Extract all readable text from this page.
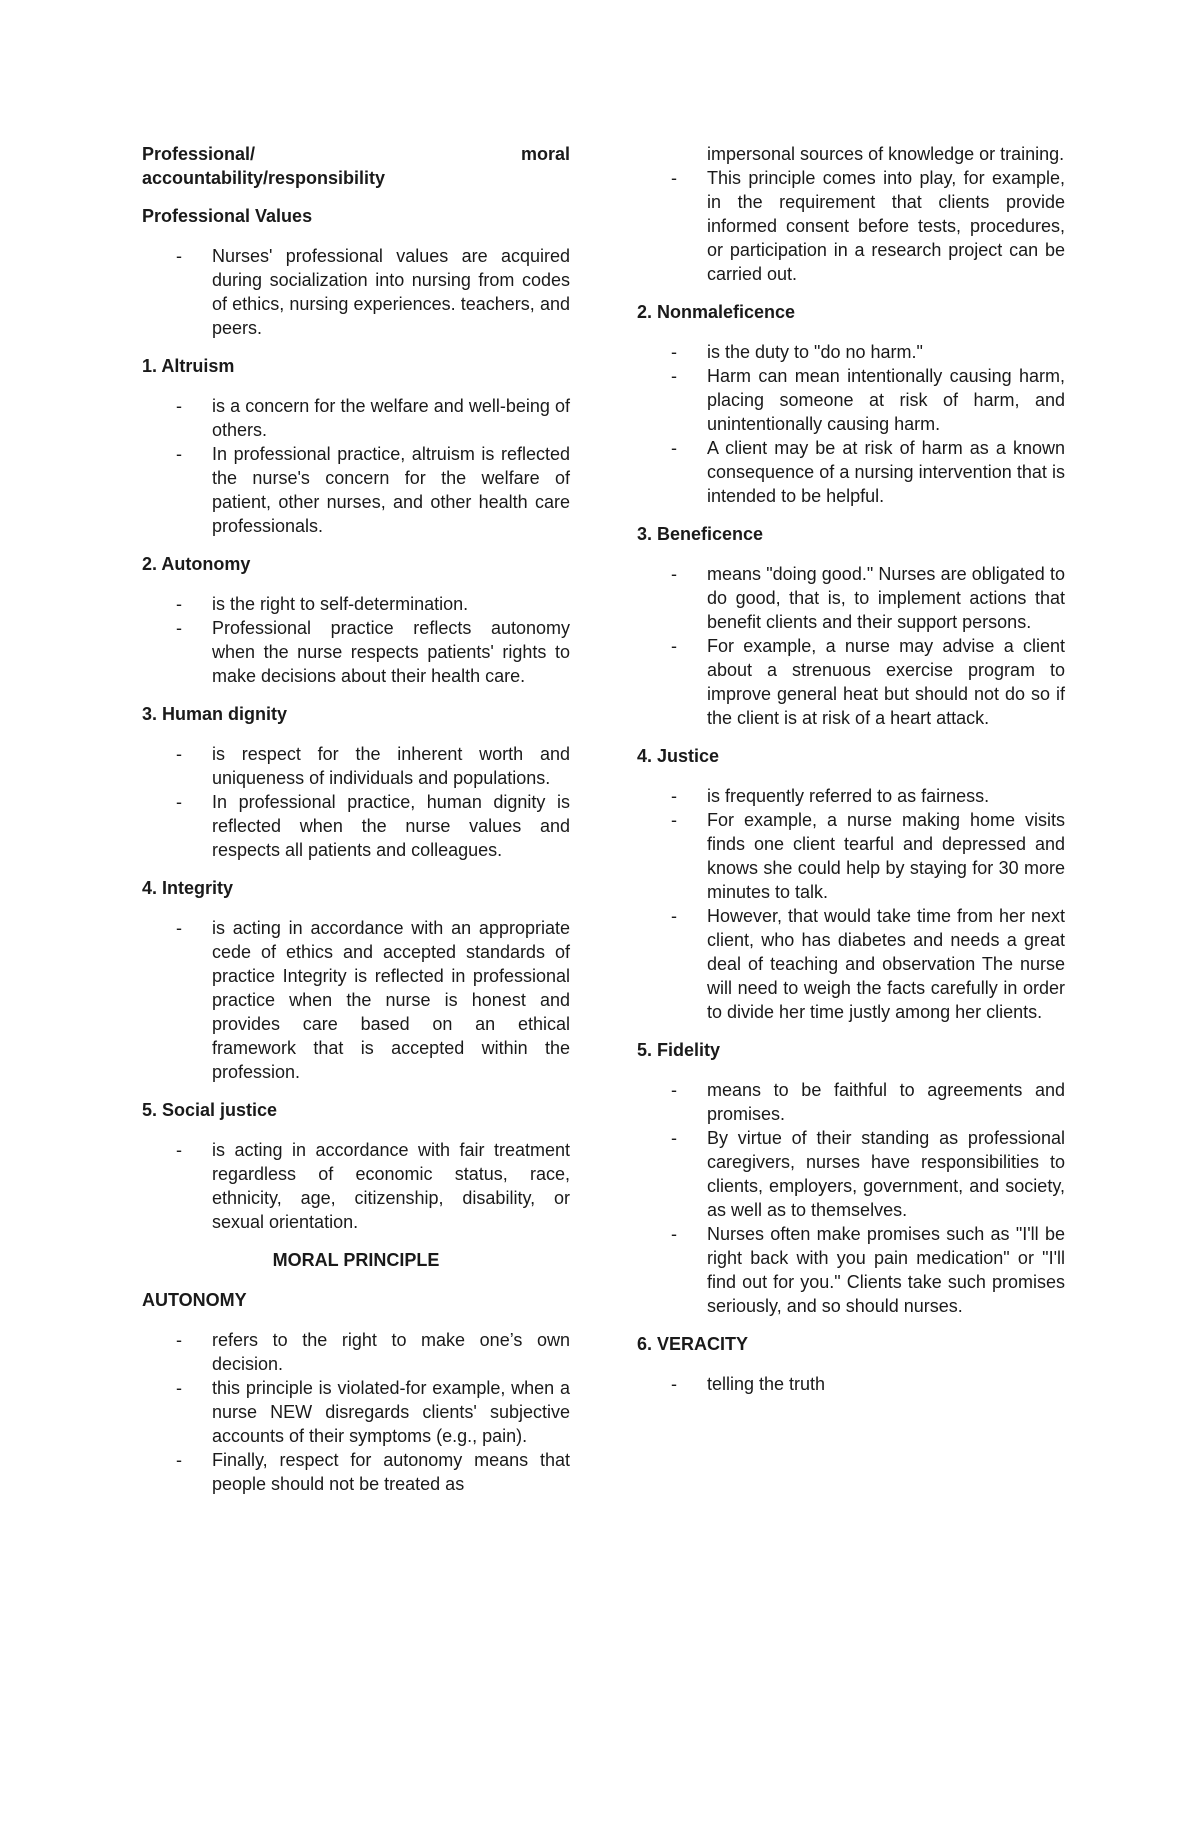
Professional/	moral
accountability/responsibility
Professional Values
- Nurses' professional values are acquired during socialization into nursing from codes of ethics, nursing experiences. teachers, and peers.
1. Altruism
- is a concern for the welfare and well-being of others.
- In professional practice, altruism is reflected the nurse's concern for the welfare of patient, other nurses, and other health care professionals.
2. Autonomy
- is the right to self-determination.
- Professional practice reflects autonomy when the nurse respects patients' rights to make decisions about their health care.
3. Human dignity
- is respect for the inherent worth and uniqueness of individuals and populations.
- In professional practice, human dignity is reflected when the nurse values and respects all patients and colleagues.
4. Integrity
- is acting in accordance with an appropriate cede of ethics and accepted standards of practice Integrity is reflected in professional practice when the nurse is honest and provides care based on an ethical framework that is accepted within the profession.
5. Social justice
- is acting in accordance with fair treatment regardless of economic status, race, ethnicity, age, citizenship, disability, or sexual orientation.
MORAL PRINCIPLE
AUTONOMY
- refers to the right to make one’s own decision.
- this principle is violated-for example, when a nurse NEW disregards clients' subjective accounts of their symptoms (e.g., pain).
- Finally, respect for autonomy means that people should not be treated as

impersonal sources of knowledge or training.

- This principle comes into play, for example, in the requirement that clients provide informed consent before tests, procedures, or participation in a research project can be carried out.
2. Nonmaleficence
- is the duty to "do no harm."
- Harm can mean intentionally causing harm, placing someone at risk of harm, and unintentionally causing harm.
- A client may be at risk of harm as a known consequence of a nursing intervention that is intended to be helpful.
3. Beneficence
- means "doing good." Nurses are obligated to do good, that is, to implement actions that benefit clients and their support persons.
- For example, a nurse may advise a client about a strenuous exercise program to improve general heat but should not do so if the client is at risk of a heart attack.
4. Justice
- is frequently referred to as fairness.
- For example, a nurse making home visits finds one client tearful and depressed and knows she could help by staying for 30 more minutes to talk.
- However, that would take time from her next client, who has diabetes and needs a great deal of teaching and observation The nurse will need to weigh the facts carefully in order to divide her time justly among her clients.
5. Fidelity
- means to be faithful to agreements and promises.
- By virtue of their standing as professional caregivers, nurses have responsibilities to clients, employers, government, and society, as well as to themselves.
- Nurses often make promises such as "I'll be right back with you pain medication" or "I'll find out for you." Clients take such promises seriously, and so should nurses.
6. VERACITY
- telling the truth
